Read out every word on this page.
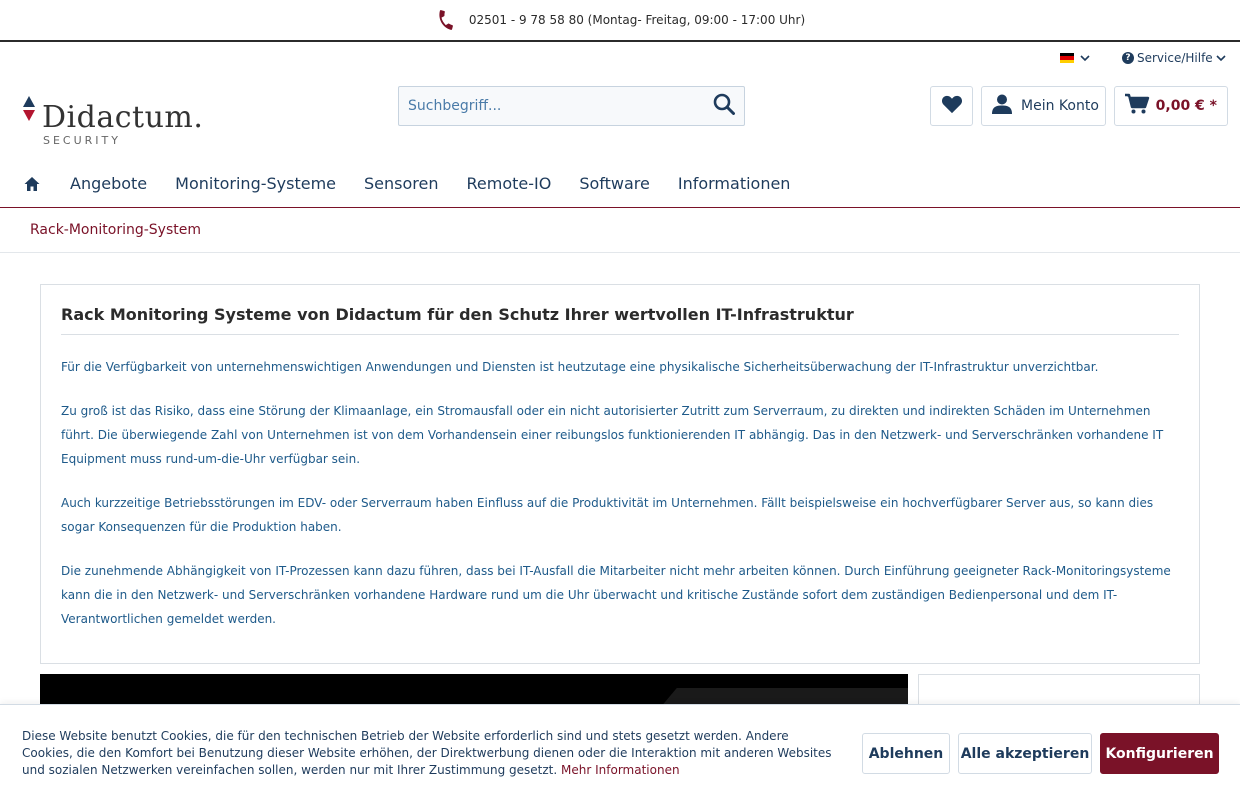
02501 - 9 78 58 80 (Montag- Freitag, 09:00 - 17:00 Uhr)
? Service/Hilfe
Didactum.
SECURITY
Suchbegriff...
Mein Konto	0,00 € *
Angebote Monitoring-Systeme Sensoren Remote-IO Software Informationen
Rack-Monitoring-System
Rack Monitoring Systeme von Didactum für den Schutz Ihrer wertvollen IT-Infrastruktur

Für die Verfügbarkeit von unternehmenswichtigen Anwendungen und Diensten ist heutzutage eine physikalische Sicherheitsüberwachung der IT-Infrastruktur unverzichtbar.

Zu groß ist das Risiko, dass eine Störung der Klimaanlage, ein Stromausfall oder ein nicht autorisierter Zutritt zum Serverraum, zu direkten und indirekten Schäden im Unternehmen führt. Die überwiegende Zahl von Unternehmen ist von dem Vorhandensein einer reibungslos funktionierenden IT abhängig. Das in den Netzwerk- und Serverschränken vorhandene IT Equipment muss rund-um-die-Uhr verfügbar sein.

Auch kurzzeitige Betriebsstörungen im EDV- oder Serverraum haben Einfluss auf die Produktivität im Unternehmen. Fällt beispielsweise ein hochverfügbarer Server aus, so kann dies sogar Konsequenzen für die Produktion haben.

Die zunehmende Abhängigkeit von IT-Prozessen kann dazu führen, dass bei IT-Ausfall die Mitarbeiter nicht mehr arbeiten können. Durch Einführung geeigneter Rack-Monitoringsysteme kann die in den Netzwerk- und Serverschränken vorhandene Hardware rund um die Uhr überwacht und kritische Zustände sofort dem zuständigen Bedienpersonal und dem IT-Verantwortlichen gemeldet werden.

Diese Website benutzt Cookies, die für den technischen Betrieb der Website erforderlich sind und stets gesetzt werden. Andere Cookies, die den Komfort bei Benutzung dieser Website erhöhen, der Direktwerbung dienen oder die Interaktion mit anderen Websites und sozialen Netzwerken vereinfachen sollen, werden nur mit Ihrer Zustimmung gesetzt. Mehr Informationen
Ablehnen	Alle akzeptieren	Konfigurieren
